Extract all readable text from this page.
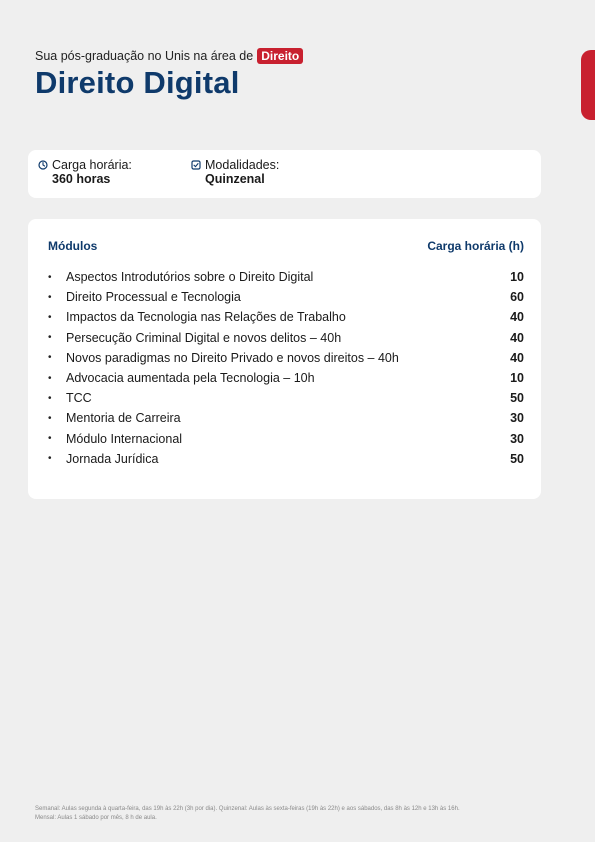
Sua pós-graduação no Unis na área de Direito
Direito Digital
Carga horária:
360 horas
Modalidades:
Quinzenal
Módulos	Carga horária (h)
•	Aspectos Introdutórios sobre o Direito Digital	10
•	Direito Processual e Tecnologia	60
•	Impactos da Tecnologia nas Relações de Trabalho	40
•	Persecução Criminal Digital e novos delitos – 40h	40
•	Novos paradigmas no Direito Privado e novos direitos – 40h	40
•	Advocacia aumentada pela Tecnologia – 10h	10
•	TCC	50
•	Mentoria de Carreira	30
•	Módulo Internacional	30
•	Jornada Jurídica	50
Semanal: Aulas segunda à quarta-feira, das 19h às 22h (3h por dia). Quinzenal: Aulas às sexta-feiras (19h às 22h) e aos sábados, das 8h às 12h e 13h às 16h.
Mensal: Aulas 1 sábado por mês, 8 h de aula.
